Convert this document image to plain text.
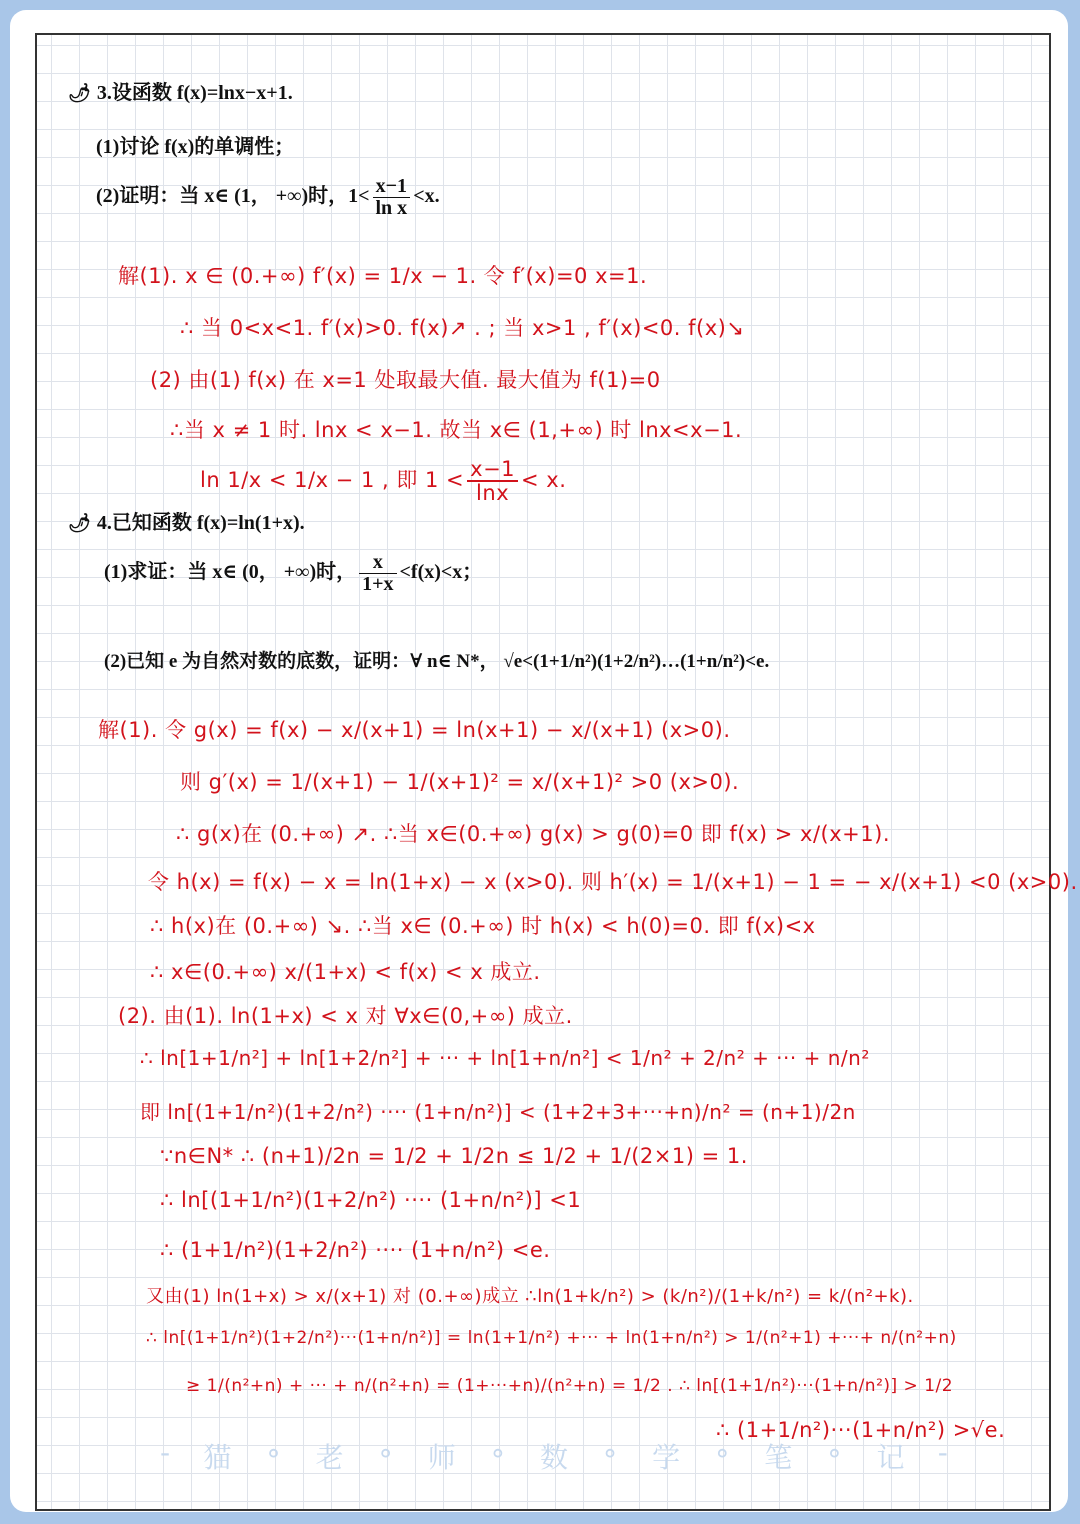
🌶 3.设函数 f(x)=lnx−x+1.
(1)讨论 f(x)的单调性；
(2)证明：当 x∈ (1， +∞)时，$1< \frac{x-1}{\text{ln x}} <x$.
解(1). x ∈ (0.+∞) f′(x) = 1/x − 1. 令 f′(x)=0 x=1.
∴ 当 0<x<1. f′(x)>0. f(x)↗ . ; 当 x>1 , f′(x)<0. f(x)↘
(2) 由(1) f(x) 在 x=1 处取最大值. 最大值为 f(1)=0
∴当 x ≠ 1 时. lnx < x−1. 故当 x∈ (1,+∞) 时 lnx<x−1.
ln 1/x < 1/x − 1 , 即 $1 < \frac{x-1}{\ln x} < x$.
🌶 4.已知函数 f(x)=ln(1+x).
(1)求证：当 x∈ (0， +∞)时， $\frac{x}{1+x} <f(x)<x$；
(2)已知 e 为自然对数的底数，证明：∀ n∈ N*， √e<(1+1/n²)(1+2/n²)…(1+n/n²)<e.
解(1). 令 g(x) = f(x) − x/(x+1) = ln(x+1) − x/(x+1) (x>0).
则 g′(x) = 1/(x+1) − 1/(x+1)² = x/(x+1)² >0 (x>0).
∴ g(x)在 (0.+∞) ↗. ∴当 x∈(0.+∞) g(x) > g(0)=0 即 f(x) > x/(x+1).
令 h(x) = f(x) − x = ln(1+x) − x (x>0). 则 h′(x) = 1/(x+1) − 1 = − x/(x+1) <0 (x>0).
∴ h(x)在 (0.+∞) ↘. ∴当 x∈ (0.+∞) 时 h(x) < h(0)=0. 即 f(x)<x
∴ x∈(0.+∞) x/(1+x) < f(x) < x 成立.
(2). 由(1). ln(1+x) < x 对 ∀x∈(0,+∞) 成立.
∴ ln[1+1/n²] + ln[1+2/n²] + ··· + ln[1+n/n²] < 1/n² + 2/n² + ··· + n/n²
即 ln[(1+1/n²)(1+2/n²) ···· (1+n/n²)] < (1+2+3+···+n)/n² = (n+1)/2n
∵n∈N* ∴ (n+1)/2n = 1/2 + 1/2n ≤ 1/2 + 1/(2×1) = 1.
∴ ln[(1+1/n²)(1+2/n²) ···· (1+n/n²)] <1
∴ (1+1/n²)(1+2/n²) ···· (1+n/n²) <e.
又由(1) ln(1+x) > x/(x+1) 对 (0.+∞)成立 ∴ln(1+k/n²) > (k/n²)/(1+k/n²) = k/(n²+k).
∴ ln[(1+1/n²)(1+2/n²)···(1+n/n²)] = ln(1+1/n²) +··· + ln(1+n/n²) > 1/(n²+1) +···+ n/(n²+n)
≥ 1/(n²+n) + ··· + n/(n²+n) = (1+···+n)/(n²+n) = 1/2 . ∴ ln[(1+1/n²)···(1+n/n²)] > 1/2
∴ (1+1/n²)···(1+n/n²) >√e.
- 猫 ∘ 老 ∘ 师 ∘ 数 ∘ 学 ∘ 笔 ∘ 记 -
